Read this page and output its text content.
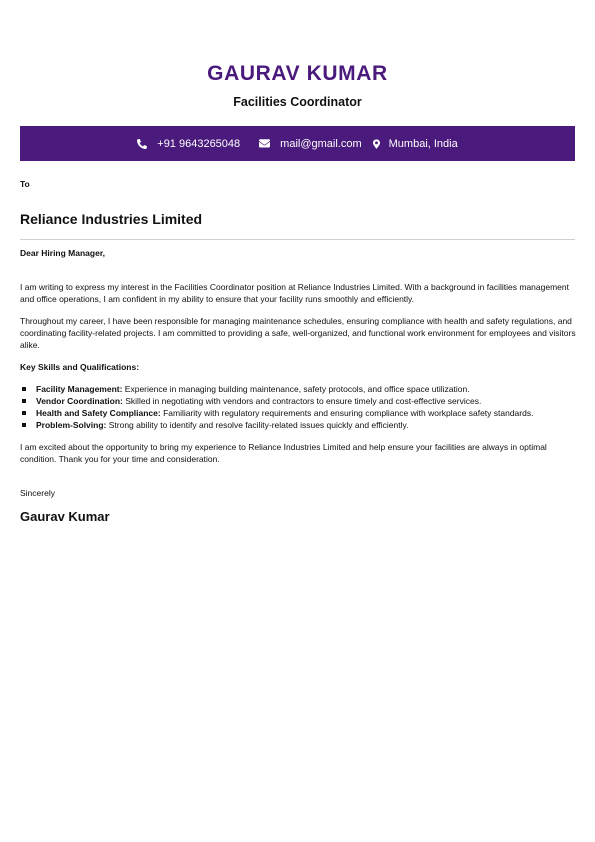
GAURAV KUMAR
Facilities Coordinator
+91 9643265048	mail@gmail.com Mumbai, India
To
Reliance Industries Limited
Dear Hiring Manager,
I am writing to express my interest in the Facilities Coordinator position at Reliance Industries Limited. With a background in facilities management and office operations, I am confident in my ability to ensure that your facility runs smoothly and efficiently.
Throughout my career, I have been responsible for managing maintenance schedules, ensuring compliance with health and safety regulations, and coordinating facility-related projects. I am committed to providing a safe, well-organized, and functional work environment for employees and visitors alike.
Key Skills and Qualifications:
Facility Management: Experience in managing building maintenance, safety protocols, and office space utilization.
Vendor Coordination: Skilled in negotiating with vendors and contractors to ensure timely and cost-effective services.
Health and Safety Compliance: Familiarity with regulatory requirements and ensuring compliance with workplace safety standards.
Problem-Solving: Strong ability to identify and resolve facility-related issues quickly and efficiently.
I am excited about the opportunity to bring my experience to Reliance Industries Limited and help ensure your facilities are always in optimal condition. Thank you for your time and consideration.
Sincerely
Gaurav Kumar
